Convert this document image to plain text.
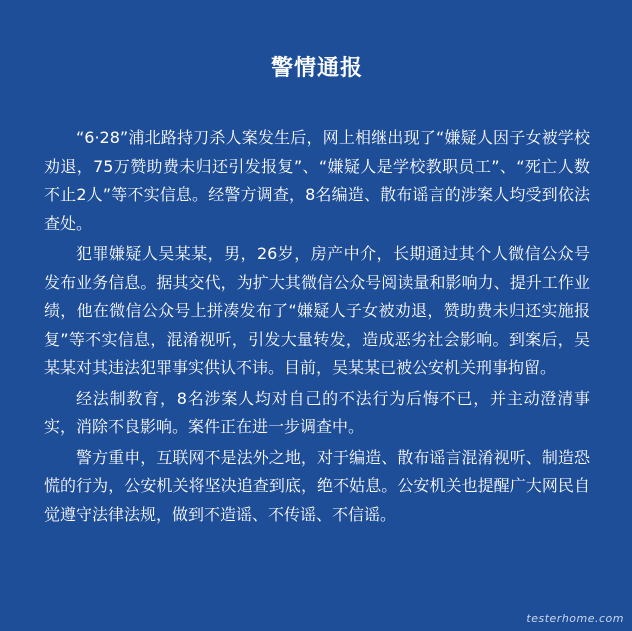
警情通报

“6·28”浦北路持刀杀人案发生后，网上相继出现了“嫌疑人因子女被学校劝退，75万赞助费未归还引发报复”、“嫌疑人是学校教职员工”、“死亡人数不止2人”等不实信息。经警方调查，8名编造、散布谣言的涉案人均受到依法查处。

犯罪嫌疑人吴某某，男，26岁，房产中介，长期通过其个人微信公众号发布业务信息。据其交代，为扩大其微信公众号阅读量和影响力、提升工作业绩，他在微信公众号上拼凑发布了“嫌疑人子女被劝退，赞助费未归还实施报复”等不实信息，混淆视听，引发大量转发，造成恶劣社会影响。到案后，吴某某对其违法犯罪事实供认不讳。目前，吴某某已被公安机关刑事拘留。

经法制教育，8名涉案人均对自己的不法行为后悔不已，并主动澄清事实，消除不良影响。案件正在进一步调查中。

警方重申，互联网不是法外之地，对于编造、散布谣言混淆视听、制造恐慌的行为，公安机关将坚决追查到底，绝不姑息。公安机关也提醒广大网民自觉遵守法律法规，做到不造谣、不传谣、不信谣。

testerhome.com
